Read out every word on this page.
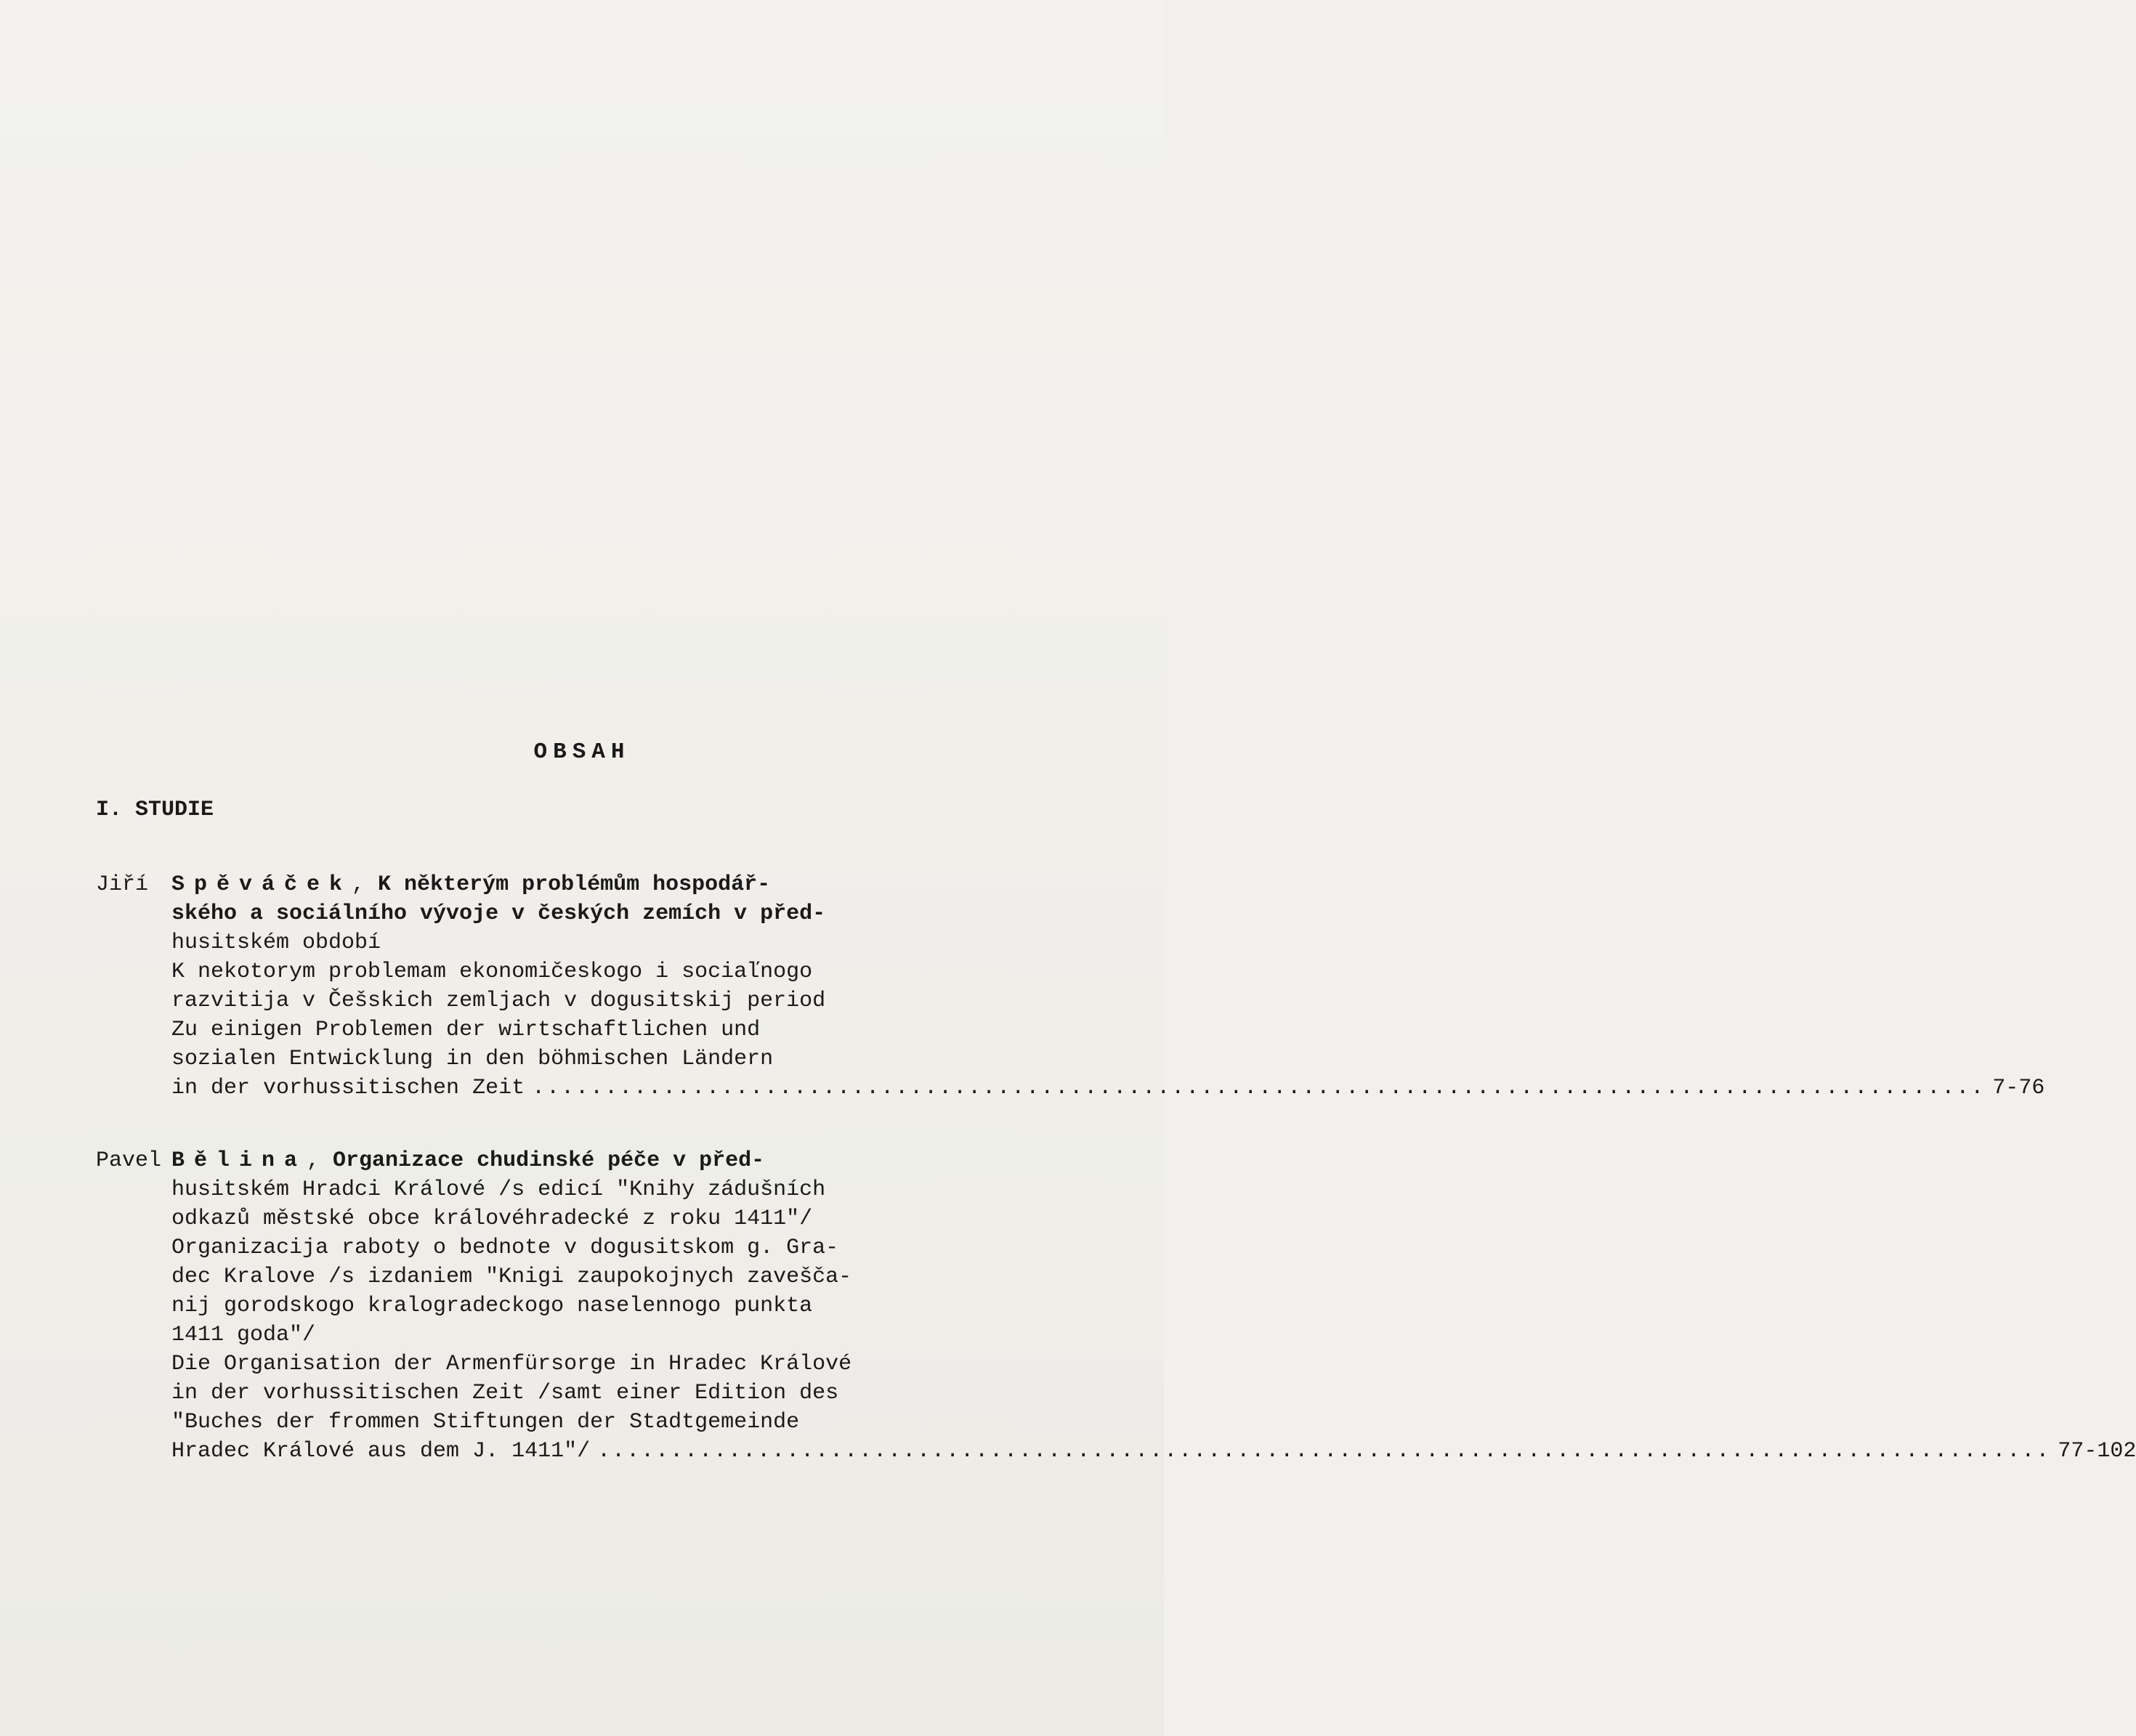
OBSAH
I. STUDIE
Jiří Spěváček, K některým problémům hospodář-
ského a sociálního vývoje v českých zemích v před-
husitském období
K nekotorym problemam ekonomičeskogo i sociaľnogo
razvitija v Češskich zemljach v dogusitskij period
Zu einigen Problemen der wirtschaftlichen und
sozialen Entwicklung in den böhmischen Ländern
in der vorhussitischen Zeit .................................................................................................... 7-76
Pavel Bělina, Organizace chudinské péče v před-
husitském Hradci Králové /s edicí "Knihy zádušních
odkazů městské obce královéhradecké z roku 1411"/
Organizacija raboty o bednote v dogusitskom g. Gra-
dec Kralove /s izdaniem "Knigi zaupokojnych zaveščа-
nij gorodskogo kralogradeckogo naselennogo punkta
1411 goda"/
Die Organisation der Armenfürsorge in Hradec Králové
in der vorhussitischen Zeit /samt einer Edition des
"Buches der frommen Stiftungen der Stadtgemeinde
Hradec Králové aus dem J. 1411"/ .................................................................................................... 77-102
